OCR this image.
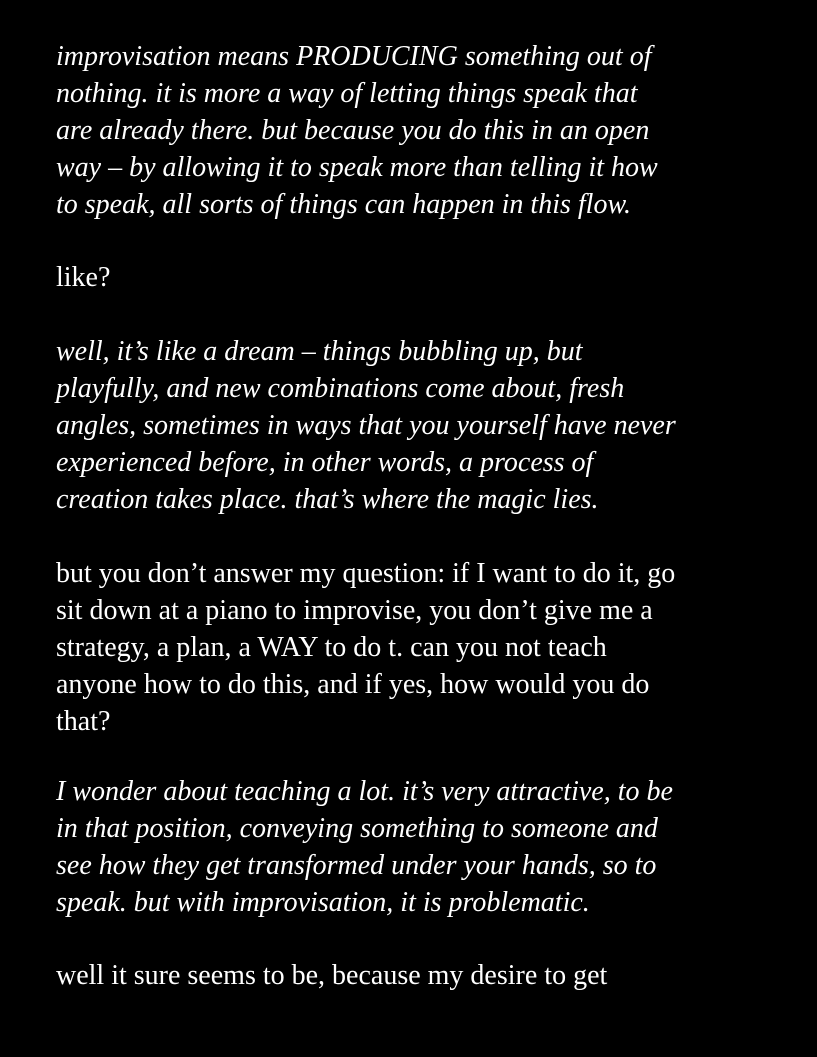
improvisation means PRODUCING something out of
nothing. it is more a way of letting things speak that
are already there. but because you do this in an open
way – by allowing it to speak more than telling it how
to speak, all sorts of things can happen in this flow.

like?

well, it’s like a dream – things bubbling up, but
playfully, and new combinations come about, fresh
angles, sometimes in ways that you yourself have never
experienced before, in other words, a process of
creation takes place. that’s where the magic lies.

but you don’t answer my question: if I want to do it, go
sit down at a piano to improvise, you don’t give me a
strategy, a plan, a WAY to do t. can you not teach
anyone how to do this, and if yes, how would you do
that?

I wonder about teaching a lot. it’s very attractive, to be
in that position, conveying something to someone and
see how they get transformed under your hands, so to
speak. but with improvisation, it is problematic.

well it sure seems to be, because my desire to get
